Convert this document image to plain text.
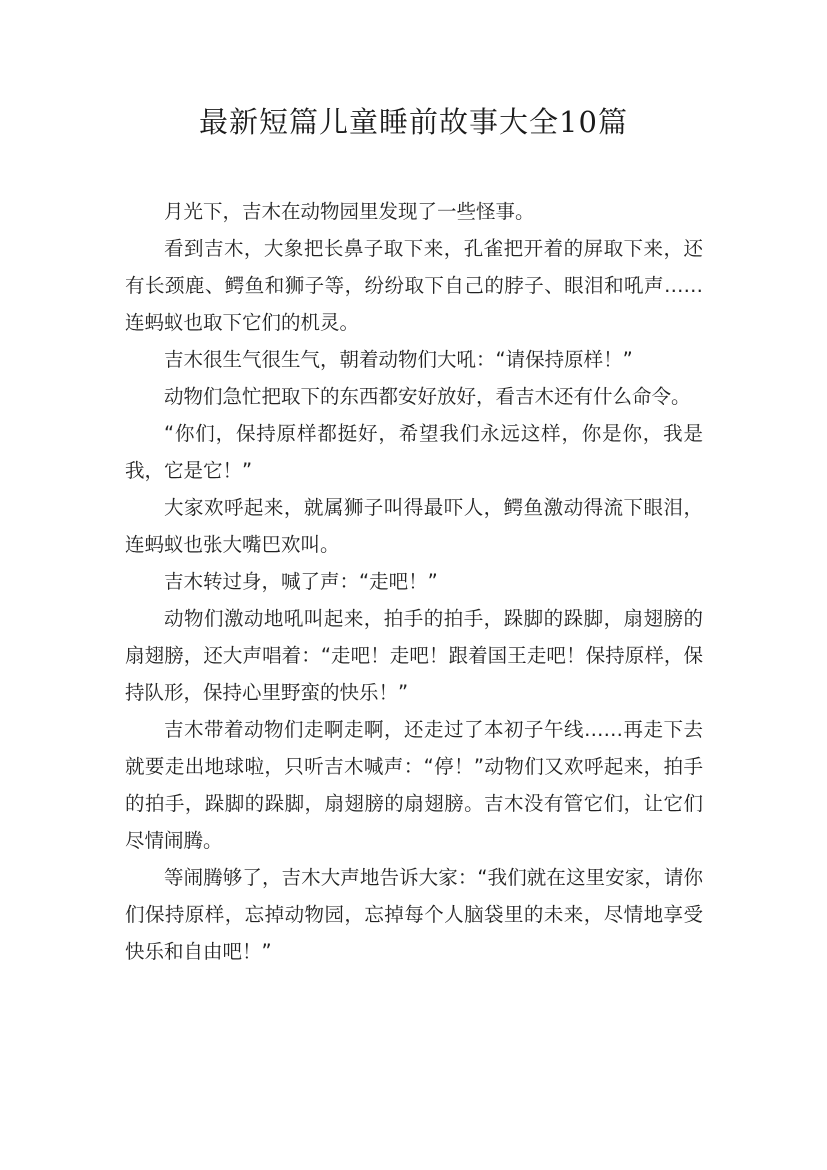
最新短篇儿童睡前故事大全10篇

月光下，吉木在动物园里发现了一些怪事。

看到吉木，大象把长鼻子取下来，孔雀把开着的屏取下来，还有长颈鹿、鳄鱼和狮子等，纷纷取下自己的脖子、眼泪和吼声……连蚂蚁也取下它们的机灵。

吉木很生气很生气，朝着动物们大吼：“请保持原样！”

动物们急忙把取下的东西都安好放好，看吉木还有什么命令。

“你们，保持原样都挺好，希望我们永远这样，你是你，我是我，它是它！”

大家欢呼起来，就属狮子叫得最吓人，鳄鱼激动得流下眼泪，连蚂蚁也张大嘴巴欢叫。

吉木转过身，喊了声：“走吧！”

动物们激动地吼叫起来，拍手的拍手，跺脚的跺脚，扇翅膀的扇翅膀，还大声唱着：“走吧！走吧！跟着国王走吧！保持原样，保持队形，保持心里野蛮的快乐！”

吉木带着动物们走啊走啊，还走过了本初子午线……再走下去就要走出地球啦，只听吉木喊声：“停！”动物们又欢呼起来，拍手的拍手，跺脚的跺脚，扇翅膀的扇翅膀。吉木没有管它们，让它们尽情闹腾。

等闹腾够了，吉木大声地告诉大家：“我们就在这里安家，请你们保持原样，忘掉动物园，忘掉每个人脑袋里的未来，尽情地享受快乐和自由吧！”
